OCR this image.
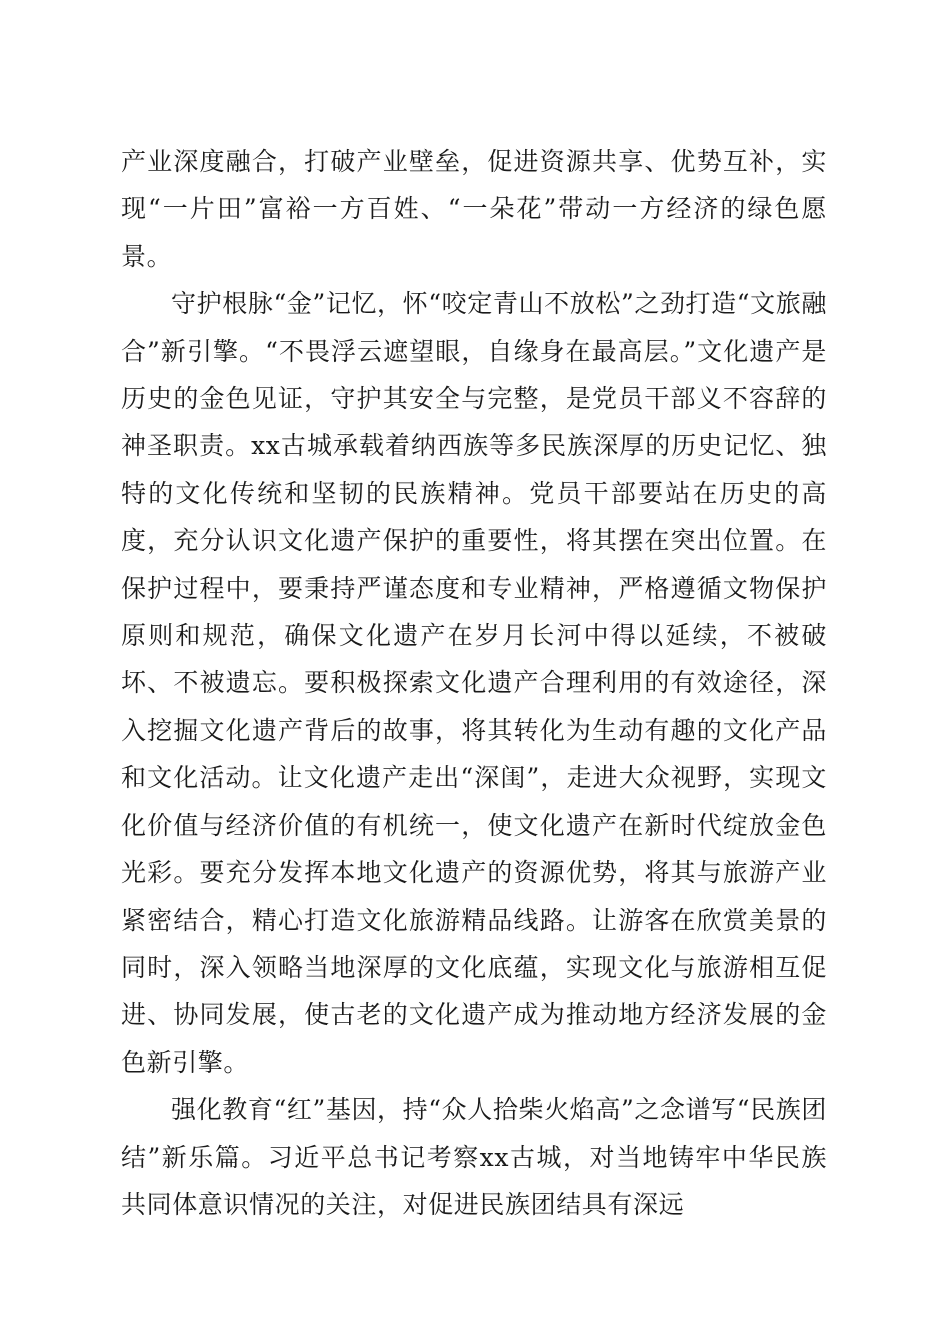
产业深度融合，打破产业壁垒，促进资源共享、优势互补，实现“一片田”富裕一方百姓、“一朵花”带动一方经济的绿色愿景。

守护根脉“金”记忆，怀“咬定青山不放松”之劲打造“文旅融合”新引擎。“不畏浮云遮望眼，自缘身在最高层。”文化遗产是历史的金色见证，守护其安全与完整，是党员干部义不容辞的神圣职责。xx古城承载着纳西族等多民族深厚的历史记忆、独特的文化传统和坚韧的民族精神。党员干部要站在历史的高度，充分认识文化遗产保护的重要性，将其摆在突出位置。在保护过程中，要秉持严谨态度和专业精神，严格遵循文物保护原则和规范，确保文化遗产在岁月长河中得以延续，不被破坏、不被遗忘。要积极探索文化遗产合理利用的有效途径，深入挖掘文化遗产背后的故事，将其转化为生动有趣的文化产品和文化活动。让文化遗产走出“深闺”，走进大众视野，实现文化价值与经济价值的有机统一，使文化遗产在新时代绽放金色光彩。要充分发挥本地文化遗产的资源优势，将其与旅游产业紧密结合，精心打造文化旅游精品线路。让游客在欣赏美景的同时，深入领略当地深厚的文化底蕴，实现文化与旅游相互促进、协同发展，使古老的文化遗产成为推动地方经济发展的金色新引擎。

强化教育“红”基因，持“众人拾柴火焰高”之念谱写“民族团结”新乐篇。习近平总书记考察xx古城，对当地铸牢中华民族共同体意识情况的关注，对促进民族团结具有深远
